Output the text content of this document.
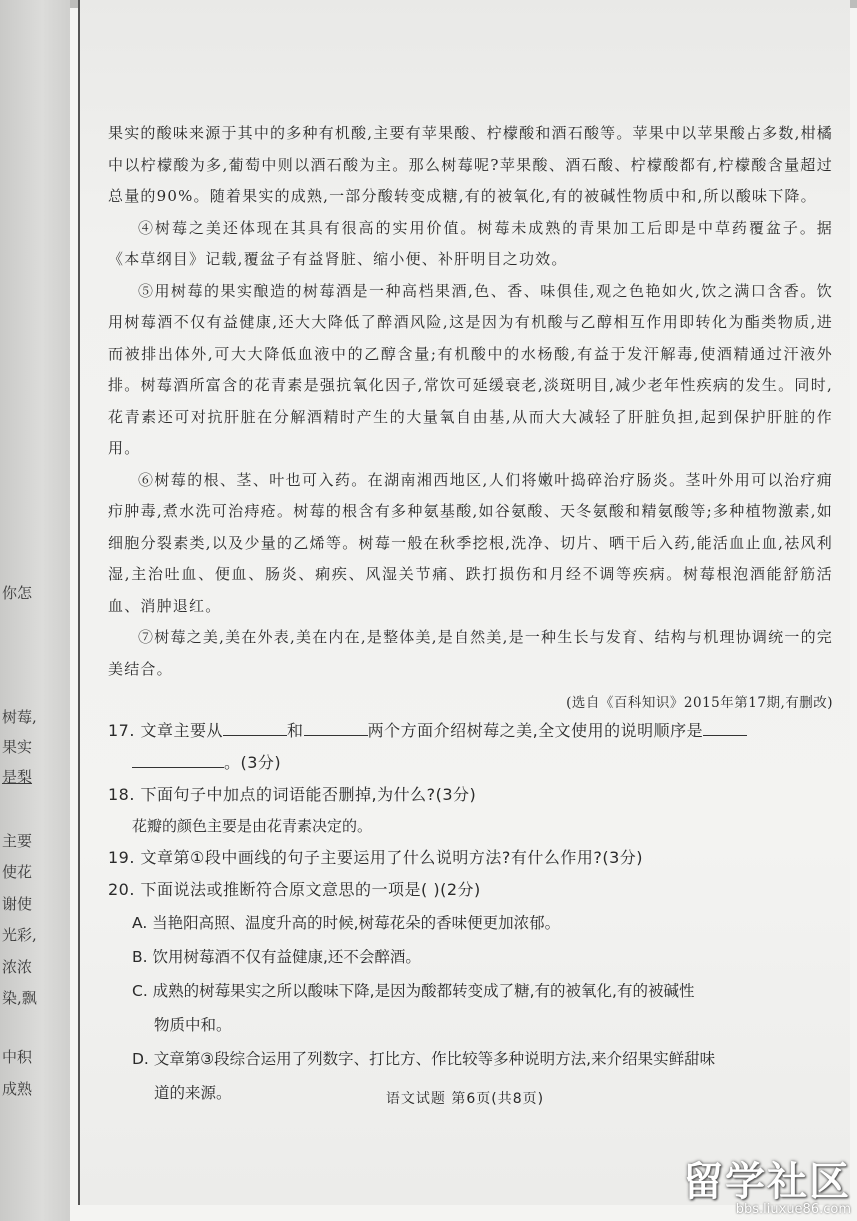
你怎
树莓,
果实
是梨
主要
使花
谢使
光彩,
浓浓
染,飘
中积
成熟

果实的酸味来源于其中的多种有机酸,主要有苹果酸、柠檬酸和酒石酸等。苹果中以苹果酸占多数,柑橘中以柠檬酸为多,葡萄中则以酒石酸为主。那么树莓呢?苹果酸、酒石酸、柠檬酸都有,柠檬酸含量超过总量的90%。随着果实的成熟,一部分酸转变成糖,有的被氧化,有的被碱性物质中和,所以酸味下降。

④树莓之美还体现在其具有很高的实用价值。树莓未成熟的青果加工后即是中草药覆盆子。据《本草纲目》记载,覆盆子有益肾脏、缩小便、补肝明目之功效。

⑤用树莓的果实酿造的树莓酒是一种高档果酒,色、香、味俱佳,观之色艳如火,饮之满口含香。饮用树莓酒不仅有益健康,还大大降低了醉酒风险,这是因为有机酸与乙醇相互作用即转化为酯类物质,进而被排出体外,可大大降低血液中的乙醇含量;有机酸中的水杨酸,有益于发汗解毒,使酒精通过汗液外排。树莓酒所富含的花青素是强抗氧化因子,常饮可延缓衰老,淡斑明目,减少老年性疾病的发生。同时,花青素还可对抗肝脏在分解酒精时产生的大量氧自由基,从而大大减轻了肝脏负担,起到保护肝脏的作用。

⑥树莓的根、茎、叶也可入药。在湖南湘西地区,人们将嫩叶捣碎治疗肠炎。茎叶外用可以治疗痈疖肿毒,煮水洗可治痔疮。树莓的根含有多种氨基酸,如谷氨酸、天冬氨酸和精氨酸等;多种植物激素,如细胞分裂素类,以及少量的乙烯等。树莓一般在秋季挖根,洗净、切片、晒干后入药,能活血止血,祛风利湿,主治吐血、便血、肠炎、痢疾、风湿关节痛、跌打损伤和月经不调等疾病。树莓根泡酒能舒筋活血、消肿退红。

⑦树莓之美,美在外表,美在内在,是整体美,是自然美,是一种生长与发育、结构与机理协调统一的完美结合。

(选自《百科知识》2015年第17期,有删改)

17. 文章主要从	和	两个方面介绍树莓之美,全文使用的说明顺序是
。(3分)

18. 下面句子中加点的词语能否删掉,为什么?(3分)

花瓣的颜色主要是由花青素决定的。

19. 文章第①段中画线的句子主要运用了什么说明方法?有什么作用?(3分)

20. 下面说法或推断符合原文意思的一项是( )(2分)

A. 当艳阳高照、温度升高的时候,树莓花朵的香味便更加浓郁。

B. 饮用树莓酒不仅有益健康,还不会醉酒。

C. 成熟的树莓果实之所以酸味下降,是因为酸都转变成了糖,有的被氧化,有的被碱性

物质中和。

D. 文章第③段综合运用了列数字、打比方、作比较等多种说明方法,来介绍果实鲜甜味

道的来源。	语文试题 第6页(共8页)
留学社区
bbs.liuxue86.com
